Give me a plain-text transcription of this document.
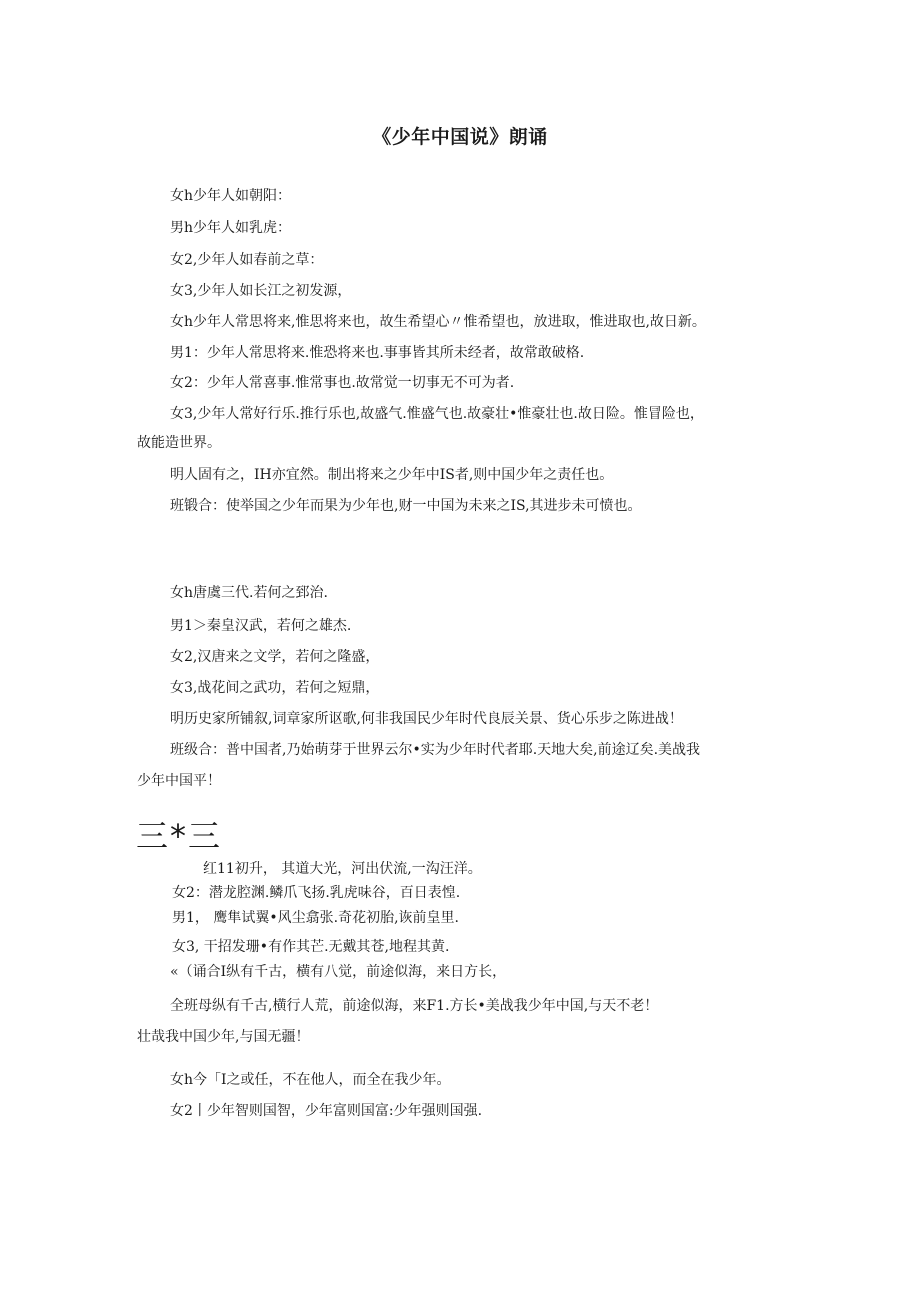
《少年中国说》朗诵
女h少年人如朝阳：
男h少年人如乳虎：
女2,少年人如春前之草：
女3,少年人如长江之初发源，
女h少年人常思将来,惟思将来也，故生希望心〃惟希望也，放进取，惟进取也,故日新。
男1：少年人常思将来.惟恐将来也.事事皆其所未经者，故常敢破格.
女2：少年人常喜事.惟常事也.故常觉一切事无不可为者.
女3,少年人常好行乐.推行乐也,故盛气.惟盛气也.故豪壮•惟豪壮也.故日险。惟冒险也，
故能造世界。
明人固有之，IH亦宜然。制出将来之少年中IS者,则中国少年之责任也。
班锻合：使举国之少年而果为少年也,财一中国为未来之IS,其进步未可愤也。
女h唐虞三代.若何之郅治.
男1＞秦皇汉武，若何之雄杰.
女2,汉唐来之文学，若何之隆盛，
女3,战花间之武功，若何之短鼎，
明历史家所铺叙,词章家所讴歌,何非我国民少年时代良辰关景、货心乐步之陈进战！
班级合：普中国者,乃始萌芽于世界云尔•实为少年时代者耶.天地大矣,前途辽矣.美战我
少年中国平！
三*三
红11初升， 其道大光，河出伏流,一沟汪洋。
女2：潜龙腔渊.鳞爪飞扬.乳虎味谷，百日表惶.
男1， 鹰隼试翼•风尘翕张.奇花初胎,诙前皇里.
女3, 干招发珊•有作其芒.无戴其苍,地程其黄.
«（诵合I纵有千古，横有八觉，前途似海，来日方长，
全班母纵有千古,横行人荒，前途似海，来F1.方长•美战我少年中国,与天不老！
壮哉我中国少年,与国无疆！
女h今「I之或任，不在他人，而全在我少年。
女2丨少年智则国智，少年富则国富:少年强则国强.
